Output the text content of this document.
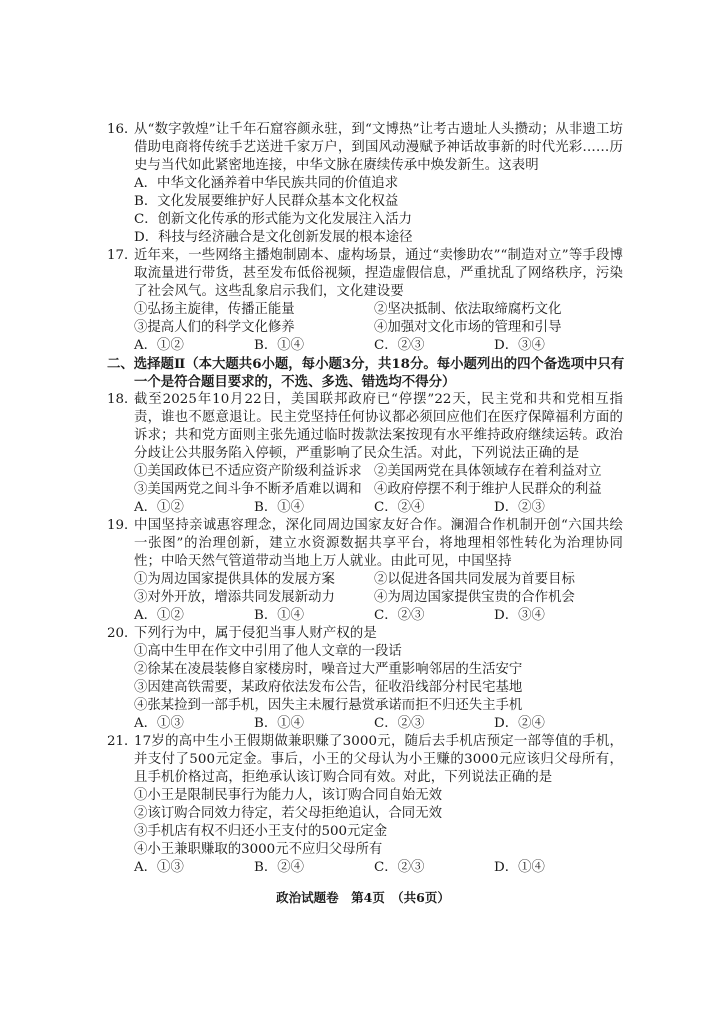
16．
从“数字敦煌”让千年石窟容颜永驻，到“文博热”让考古遗址人头攒动；从非遗工坊借助电商将传统手艺送进千家万户，到国风动漫赋予神话故事新的时代光彩……历史与当代如此紧密地连接，中华文脉在赓续传承中焕发新生。这表明
A．中华文化涵养着中华民族共同的价值追求
B．文化发展要维护好人民群众基本文化权益
C．创新文化传承的形式能为文化发展注入活力
D．科技与经济融合是文化创新发展的根本途径
17．
近年来，一些网络主播炮制剧本、虚构场景，通过“卖惨助农”“制造对立”等手段博取流量进行带货，甚至发布低俗视频，捏造虚假信息，严重扰乱了网络秩序，污染了社会风气。这些乱象启示我们，文化建设要
①弘扬主旋律，传播正能量	②坚决抵制、依法取缔腐朽文化
③提高人们的科学文化修养	④加强对文化市场的管理和引导
A．①②	B．①④	C．②③	D．③④
二、选择题Ⅱ（本大题共6小题，每小题3分，共18分。每小题列出的四个备选项中只有
一个是符合题目要求的，不选、多选、错选均不得分）
18．
截至2025年10月22日，美国联邦政府已“停摆”22天，民主党和共和党相互指责，谁也不愿意退让。民主党坚持任何协议都必须回应他们在医疗保障福利方面的诉求；共和党方面则主张先通过临时拨款法案按现有水平维持政府继续运转。政治分歧让公共服务陷入停顿，严重影响了民众生活。对此，下列说法正确的是
①美国政体已不适应资产阶级利益诉求 ②美国两党在具体领域存在着利益对立
③美国两党之间斗争不断矛盾难以调和 ④政府停摆不利于维护人民群众的利益
A．①②	B．①④	C．②④	D．②③
19．
中国坚持亲诚惠容理念，深化同周边国家友好合作。澜湄合作机制开创“六国共绘一张图”的治理创新，建立水资源数据共享平台，将地理相邻性转化为治理协同性；中哈天然气管道带动当地上万人就业。由此可见，中国坚持
①为周边国家提供具体的发展方案	②以促进各国共同发展为首要目标
③对外开放，增添共同发展新动力	④为周边国家提供宝贵的合作机会
A．①②	B．①④	C．②③	D．③④
20．
下列行为中，属于侵犯当事人财产权的是
①高中生甲在作文中引用了他人文章的一段话
②徐某在凌晨装修自家楼房时，噪音过大严重影响邻居的生活安宁
③因建高铁需要，某政府依法发布公告，征收沿线部分村民宅基地
④张某捡到一部手机，因失主未履行悬赏承诺而拒不归还失主手机
A．①③	B．①④	C．②③	D．②④
21．
17岁的高中生小王假期做兼职赚了3000元，随后去手机店预定一部等值的手机，并支付了500元定金。事后，小王的父母认为小王赚的3000元应该归父母所有，且手机价格过高，拒绝承认该订购合同有效。对此，下列说法正确的是
①小王是限制民事行为能力人，该订购合同自始无效
②该订购合同效力待定，若父母拒绝追认，合同无效
③手机店有权不归还小王支付的500元定金
④小王兼职赚取的3000元不应归父母所有
A．①③	B．②④	C．②③	D．①④
政治试题卷　第4页　（共6页）
